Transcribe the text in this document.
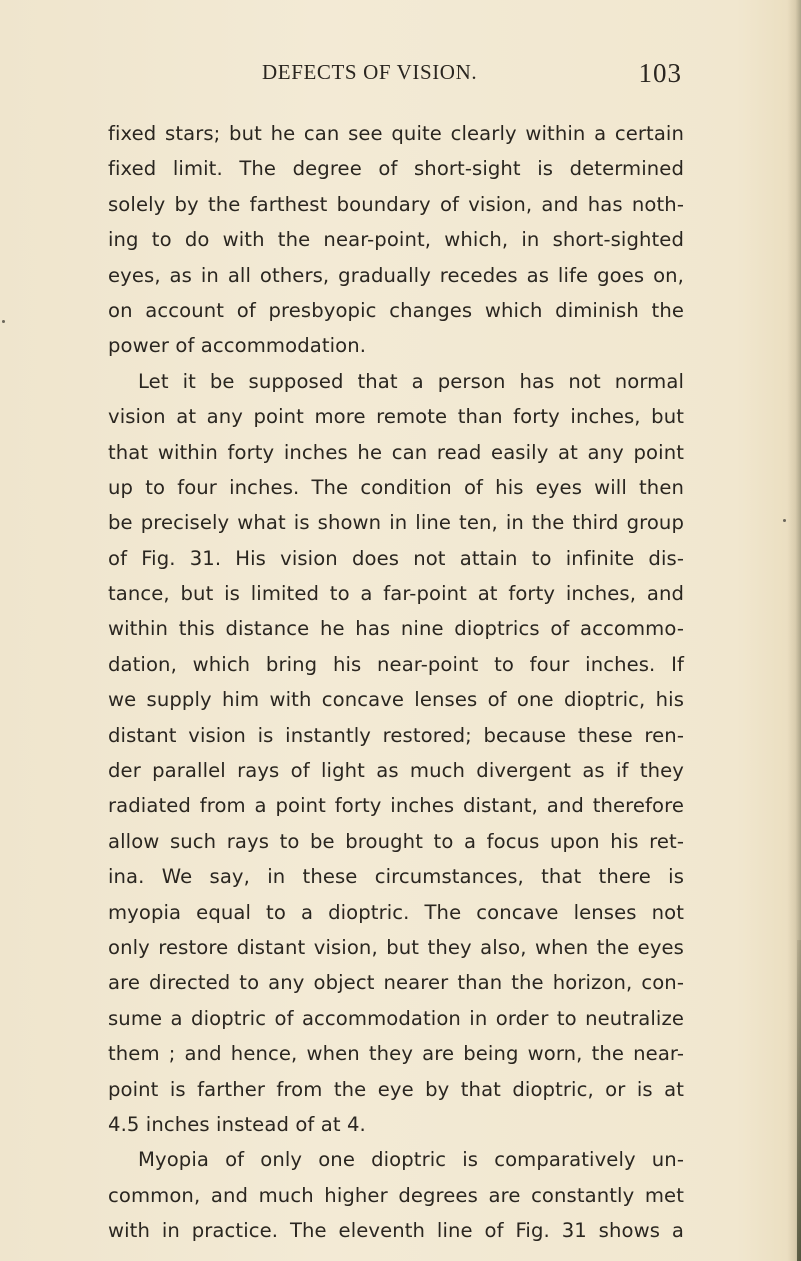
DEFECTS OF VISION.	103
fixed stars; but he can see quite clearly within a certain
fixed limit. The degree of short-sight is determined
solely by the farthest boundary of vision, and has noth-
ing to do with the near-point, which, in short-sighted
eyes, as in all others, gradually recedes as life goes on,
on account of presbyopic changes which diminish the
power of accommodation.
Let it be supposed that a person has not normal
vision at any point more remote than forty inches, but
that within forty inches he can read easily at any point
up to four inches. The condition of his eyes will then
be precisely what is shown in line ten, in the third group
of Fig. 31. His vision does not attain to infinite dis-
tance, but is limited to a far-point at forty inches, and
within this distance he has nine dioptrics of accommo-
dation, which bring his near-point to four inches. If
we supply him with concave lenses of one dioptric, his
distant vision is instantly restored; because these ren-
der parallel rays of light as much divergent as if they
radiated from a point forty inches distant, and therefore
allow such rays to be brought to a focus upon his ret-
ina. We say, in these circumstances, that there is
myopia equal to a dioptric. The concave lenses not
only restore distant vision, but they also, when the eyes
are directed to any object nearer than the horizon, con-
sume a dioptric of accommodation in order to neutralize
them ; and hence, when they are being worn, the near-
point is farther from the eye by that dioptric, or is at
4.5 inches instead of at 4.
Myopia of only one dioptric is comparatively un-
common, and much higher degrees are constantly met
with in practice. The eleventh line of Fig. 31 shows a
